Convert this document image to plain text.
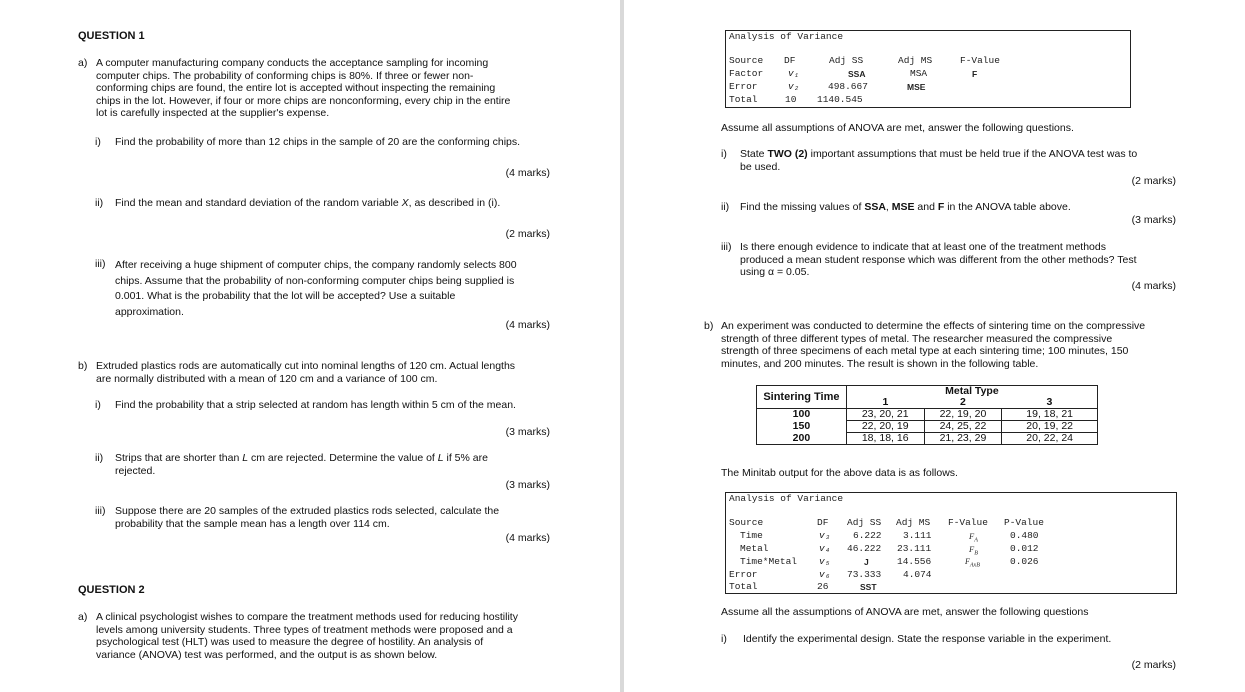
QUESTION 1
a) A computer manufacturing company conducts the acceptance sampling for incoming
computer chips. The probability of conforming chips is 80%. If three or fewer non-
conforming chips are found, the entire lot is accepted without inspecting the remaining
chips in the lot. However, if four or more chips are nonconforming, every chip in the entire
lot is carefully inspected at the supplier's expense.
i) Find the probability of more than 12 chips in the sample of 20 are the conforming chips.
(4 marks)
ii) Find the mean and standard deviation of the random variable X, as described in (i).
(2 marks)
iii) After receiving a huge shipment of computer chips, the company randomly selects 800
chips. Assume that the probability of non-conforming computer chips being supplied is
0.001. What is the probability that the lot will be accepted? Use a suitable
approximation.
(4 marks)
b) Extruded plastics rods are automatically cut into nominal lengths of 120 cm. Actual lengths
are normally distributed with a mean of 120 cm and a variance of 100 cm.
i) Find the probability that a strip selected at random has length within 5 cm of the mean.
(3 marks)
ii) Strips that are shorter than L cm are rejected. Determine the value of L if 5% are
rejected.
(3 marks)
iii) Suppose there are 20 samples of the extruded plastics rods selected, calculate the
probability that the sample mean has a length over 114 cm.
(4 marks)
QUESTION 2
a) A clinical psychologist wishes to compare the treatment methods used for reducing hostility
levels among university students. Three types of treatment methods were proposed and a
psychological test (HLT) was used to measure the degree of hostility. An analysis of
variance (ANOVA) test was performed, and the output is as shown below.
Analysis of Variance
Source DF	Adj SS	Adj MS	F-Value
Factor	v₁	SSA	MSA	F
Error	v₂	498.667	MSE
Total	10 1140.545
Assume all assumptions of ANOVA are met, answer the following questions.
i) State TWO (2) important assumptions that must be held true if the ANOVA test was to
be used.
(2 marks)
ii) Find the missing values of SSA, MSE and F in the ANOVA table above.
(3 marks)
iii) Is there enough evidence to indicate that at least one of the treatment methods
produced a mean student response which was different from the other methods? Test
using α = 0.05.
(4 marks)
b) An experiment was conducted to determine the effects of sintering time on the compressive
strength of three different types of metal. The researcher measured the compressive
strength of three specimens of each metal type at each sintering time; 100 minutes, 150
minutes, and 200 minutes. The result is shown in the following table.
Sintering Time	Metal Type		
	1	2	3
100	23, 20, 21	22, 19, 20	19, 18, 21
150	22, 20, 19	24, 25, 22	20, 19, 22
200	18, 18, 16	21, 23, 29	20, 22, 24
The Minitab output for the above data is as follows.
Analysis of Variance
Source	DF Adj SS Adj MS F-Value P-Value
Time	v₃ 6.222 3.111	$F_A$	0.480
Metal	v₄ 46.222 23.111	$F_B$	0.012
Time*Metal v₅	J	14.556	$F_{AxB}$	0.026
Error	v₆ 73.333 4.074
Total	26	SST
Assume all the assumptions of ANOVA are met, answer the following questions
i) Identify the experimental design. State the response variable in the experiment.
(2 marks)
